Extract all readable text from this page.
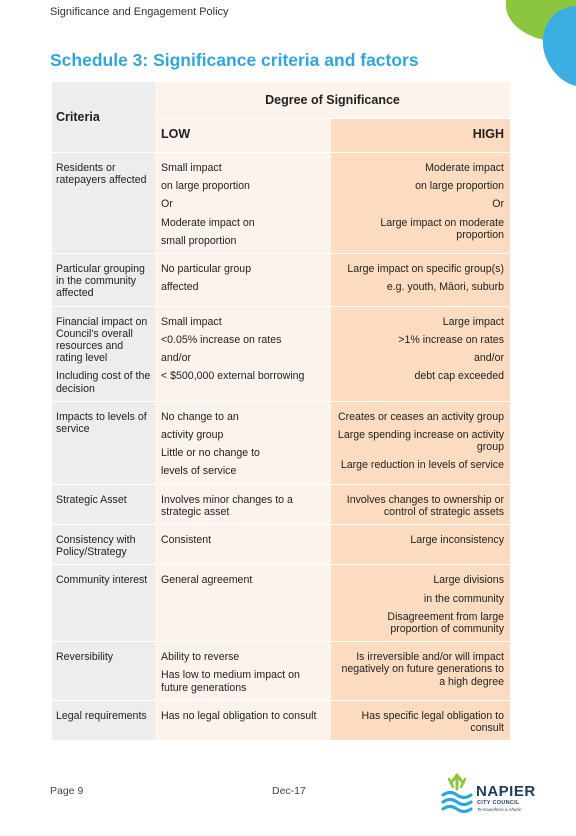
Significance and Engagement Policy
Schedule 3: Significance criteria and factors
Criteria	Degree of Significance	
	LOW	HIGH
Residents or ratepayers affected	Small impact
on large proportion
Or
Moderate impact on
small proportion	Moderate impact
on large proportion
Or
Large impact on moderate proportion

Particular grouping in the community affected	No particular group
affected	Large impact on specific group(s)
e.g. youth, Māori, suburb

Financial impact on Council's overall resources and rating level
Including cost of the decision	Small impact
<0.05% increase on rates
and/or
< $500,000 external borrowing	Large impact
>1% increase on rates
and/or
debt cap exceeded

Impacts to levels of service	No change to an
activity group
Little or no change to
levels of service	Creates or ceases an activity group
Large spending increase on activity group
Large reduction in levels of service

Strategic Asset	Involves minor changes to a strategic asset	Involves changes to ownership or control of strategic assets

Consistency with Policy/Strategy	Consistent	Large inconsistency

Community interest	General agreement	Large divisions
in the community
Disagreement from large proportion of community

Reversibility	Ability to reverse
Has low to medium impact on future generations	Is irreversible and/or will impact negatively on future generations to a high degree

Legal requirements	Has no legal obligation to consult	Has specific legal obligation to consult
Page 9	Dec-17	NAPIER
CITY COUNCIL
Te Kaunihera o Ahuriri
